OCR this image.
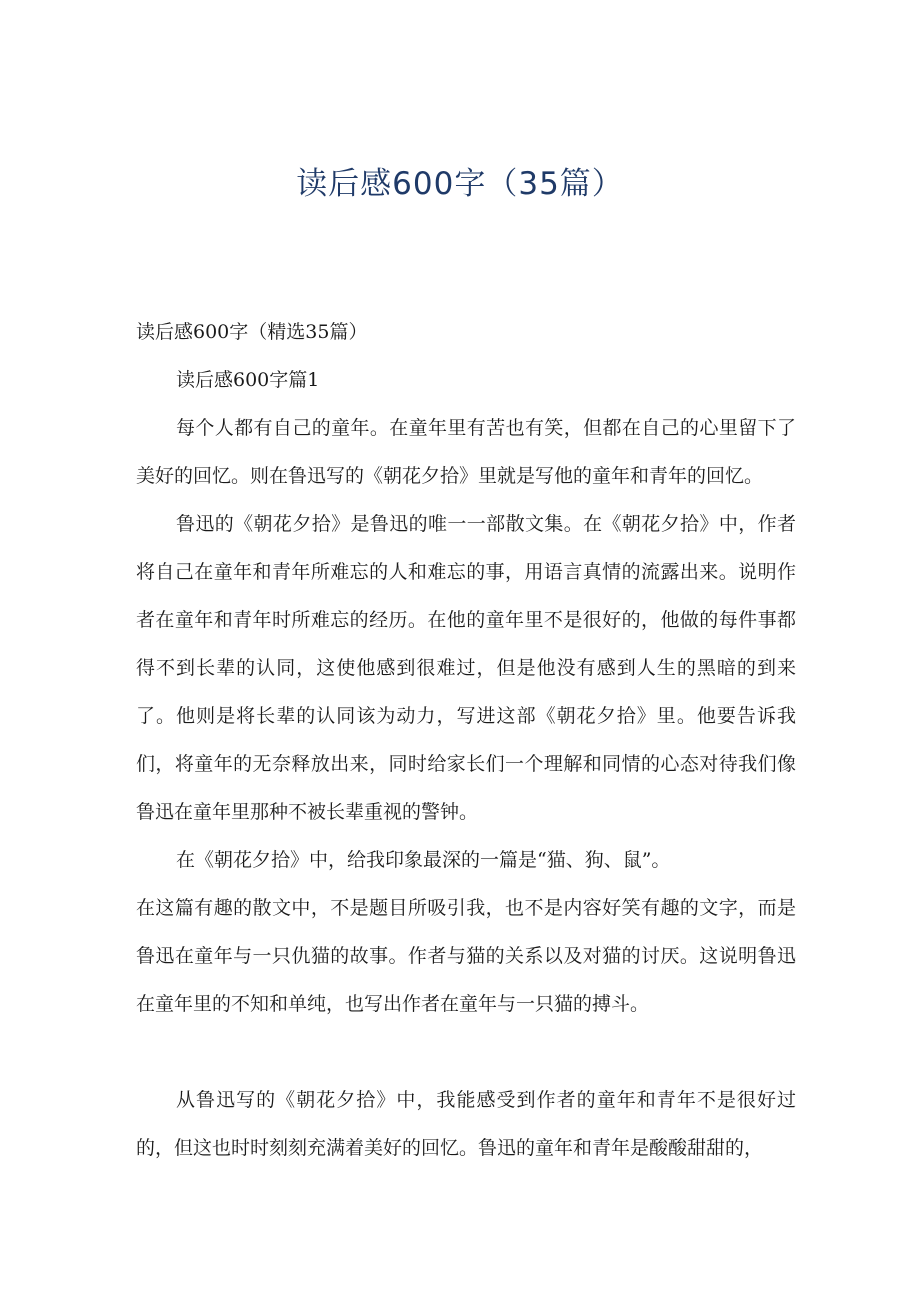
读后感600字（35篇）

读后感600字（精选35篇）

读后感600字篇1

每个人都有自己的童年。在童年里有苦也有笑，但都在自己的心里留下了美好的回忆。则在鲁迅写的《朝花夕拾》里就是写他的童年和青年的回忆。

鲁迅的《朝花夕拾》是鲁迅的唯一一部散文集。在《朝花夕拾》中，作者将自己在童年和青年所难忘的人和难忘的事，用语言真情的流露出来。说明作者在童年和青年时所难忘的经历。在他的童年里不是很好的，他做的每件事都得不到长辈的认同，这使他感到很难过，但是他没有感到人生的黑暗的到来了。他则是将长辈的认同该为动力，写进这部《朝花夕拾》里。他要告诉我们，将童年的无奈释放出来，同时给家长们一个理解和同情的心态对待我们像鲁迅在童年里那种不被长辈重视的警钟。

在《朝花夕拾》中，给我印象最深的一篇是“猫、狗、鼠”。

在这篇有趣的散文中，不是题目所吸引我，也不是内容好笑有趣的文字，而是鲁迅在童年与一只仇猫的故事。作者与猫的关系以及对猫的讨厌。这说明鲁迅在童年里的不知和单纯，也写出作者在童年与一只猫的搏斗。

从鲁迅写的《朝花夕拾》中，我能感受到作者的童年和青年不是很好过的，但这也时时刻刻充满着美好的回忆。鲁迅的童年和青年是酸酸甜甜的，
